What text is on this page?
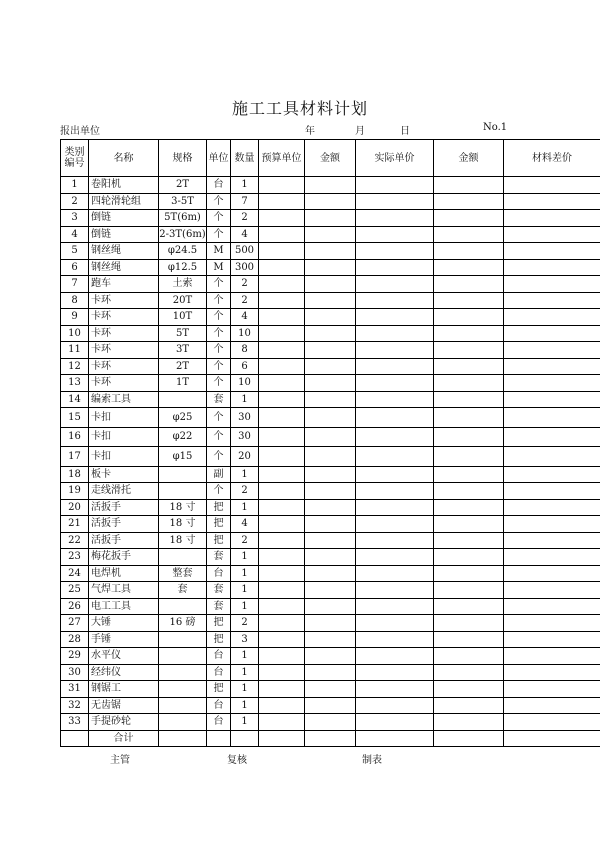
施工工具材料计划
报出单位	年	月	日	No.1
类别编号	名称	规格	单位	数量	预算单位	金额	实际单价	金额	材料差价
1	卷阳机	2T	台	1					
2	四轮滑轮组	3-5T	个	7					
3	倒链	5T(6m)	个	2					
4	倒链	2-3T(6m)	个	4					
5	钢丝绳	φ24.5	M	500					
6	钢丝绳	φ12.5	M	300					
7	跑车	土索	个	2					
8	卡环	20T	个	2					
9	卡环	10T	个	4					
10	卡环	5T	个	10					
11	卡环	3T	个	8					
12	卡环	2T	个	6					
13	卡环	1T	个	10					
14	编索工具		套	1					
15	卡扣	φ25	个	30					
16	卡扣	φ22	个	30					
17	卡扣	φ15	个	20					
18	板卡		副	1					
19	走线滑托		个	2					
20	活扳手	18 寸	把	1					
21	活扳手	18 寸	把	4					
22	活扳手	18 寸	把	2					
23	梅花扳手		套	1					
24	电焊机	整套	台	1					
25	气焊工具	套	套	1					
26	电工工具		套	1					
27	大锤	16 磅	把	2					
28	手锤		把	3					
29	水平仪		台	1					
30	经纬仪		台	1					
31	钢锯工		把	1					
32	无齿锯		台	1					
33	手提砂轮		台	1					
	合计								
主管	复核	制表
